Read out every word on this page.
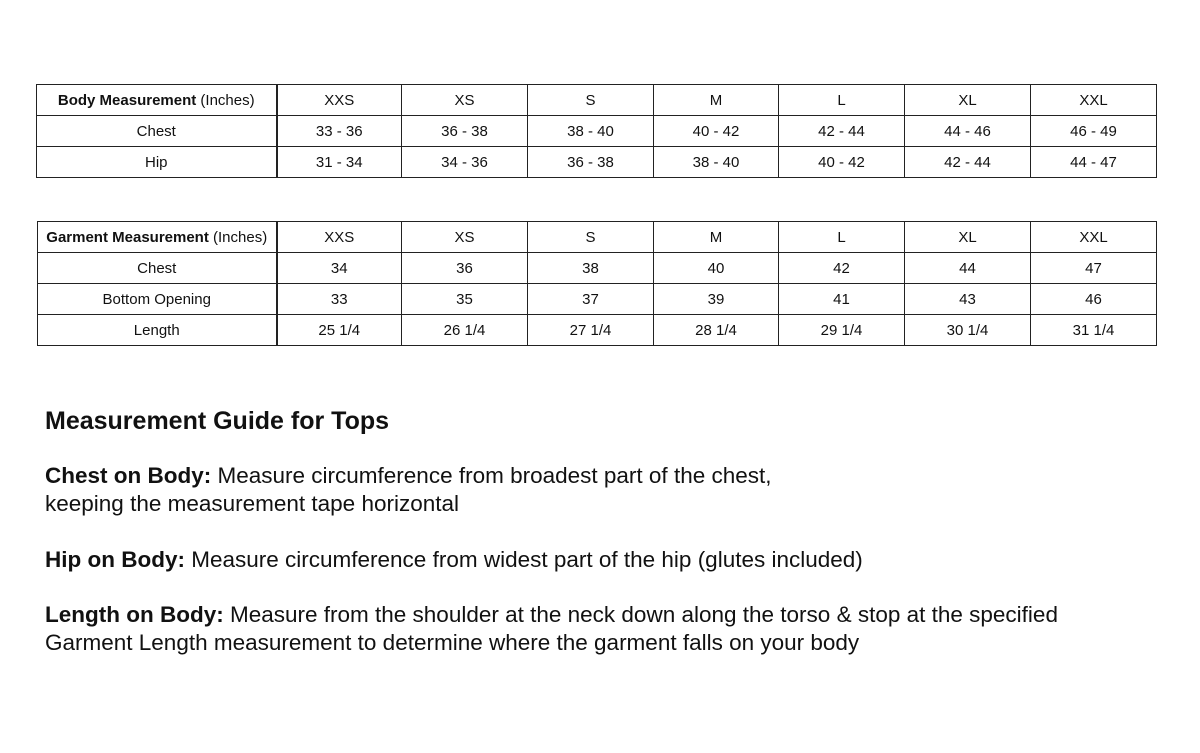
Body Measurement (Inches)	XXS	XS	S	M	L	XL	XXL
Chest	33 - 36	36 - 38	38 - 40	40 - 42	42 - 44	44 - 46	46 - 49
Hip	31 - 34	34 - 36	36 - 38	38 - 40	40 - 42	42 - 44	44 - 47
Garment Measurement (Inches)	XXS	XS	S	M	L	XL	XXL
Chest	34	36	38	40	42	44	47
Bottom Opening	33	35	37	39	41	43	46
Length	25 1/4	26 1/4	27 1/4	28 1/4	29 1/4	30 1/4	31 1/4
Measurement Guide for Tops

Chest on Body: Measure circumference from broadest part of the chest,
keeping the measurement tape horizontal

Hip on Body: Measure circumference from widest part of the hip (glutes included)

Length on Body: Measure from the shoulder at the neck down along the torso & stop at the specified
Garment Length measurement to determine where the garment falls on your body
